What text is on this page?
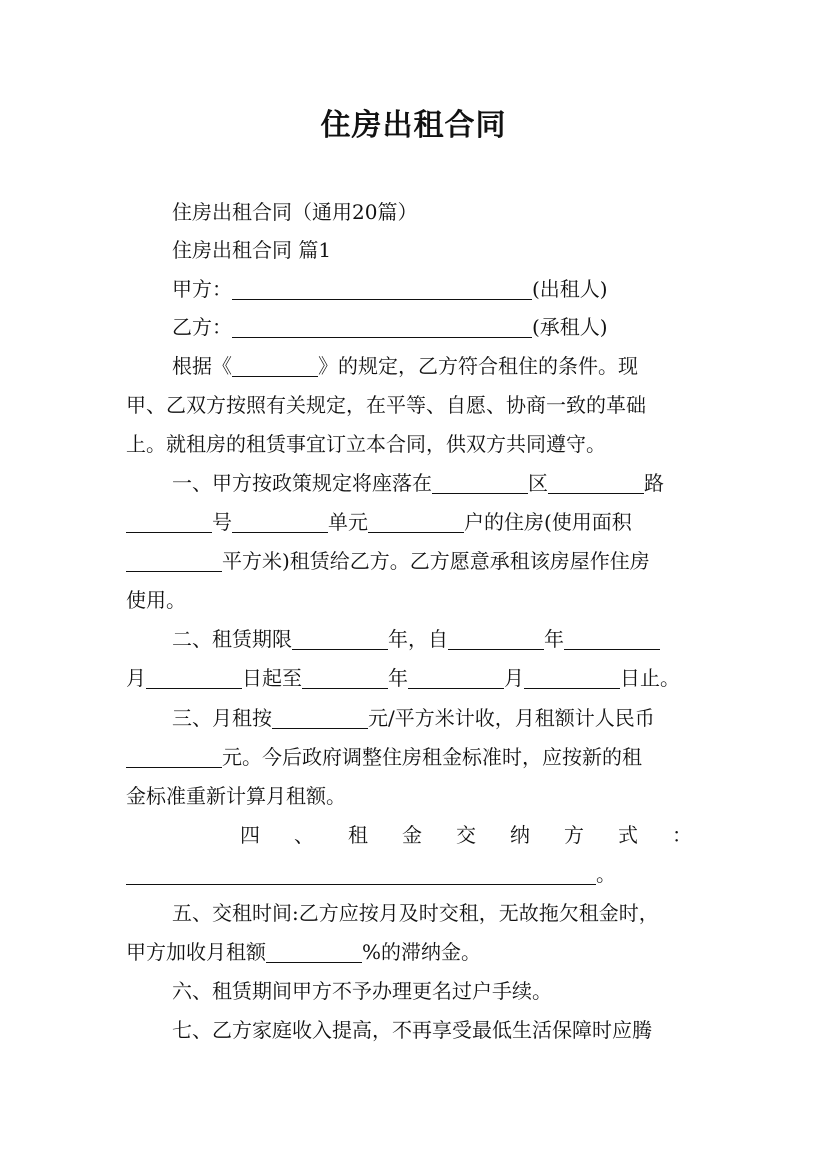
住房出租合同
住房出租合同（通用20篇）
住房出租合同 篇1
甲方：	(出租人)
乙方：	(承租人)
根据《	》的规定，乙方符合租住的条件。现
甲、乙双方按照有关规定，在平等、自愿、协商一致的革础
上。就租房的租赁事宜订立本合同，供双方共同遵守。
一、甲方按政策规定将座落在	区	路
号	单元	户的住房(使用面积
平方米)租赁给乙方。乙方愿意承租该房屋作住房
使用。
二、租赁期限	年，自	年
月	日起至	年	月	日止。
三、月租按	元/平方米计收，月租额计人民币
元。今后政府调整住房租金标准时，应按新的租
金标准重新计算月租额。
四 、 租 金 交 纳 方 式 ：
。
五、交租时间:乙方应按月及时交租，无故拖欠租金时，
甲方加收月租额	%的滞纳金。
六、租赁期间甲方不予办理更名过户手续。
七、乙方家庭收入提高，不再享受最低生活保障时应腾
